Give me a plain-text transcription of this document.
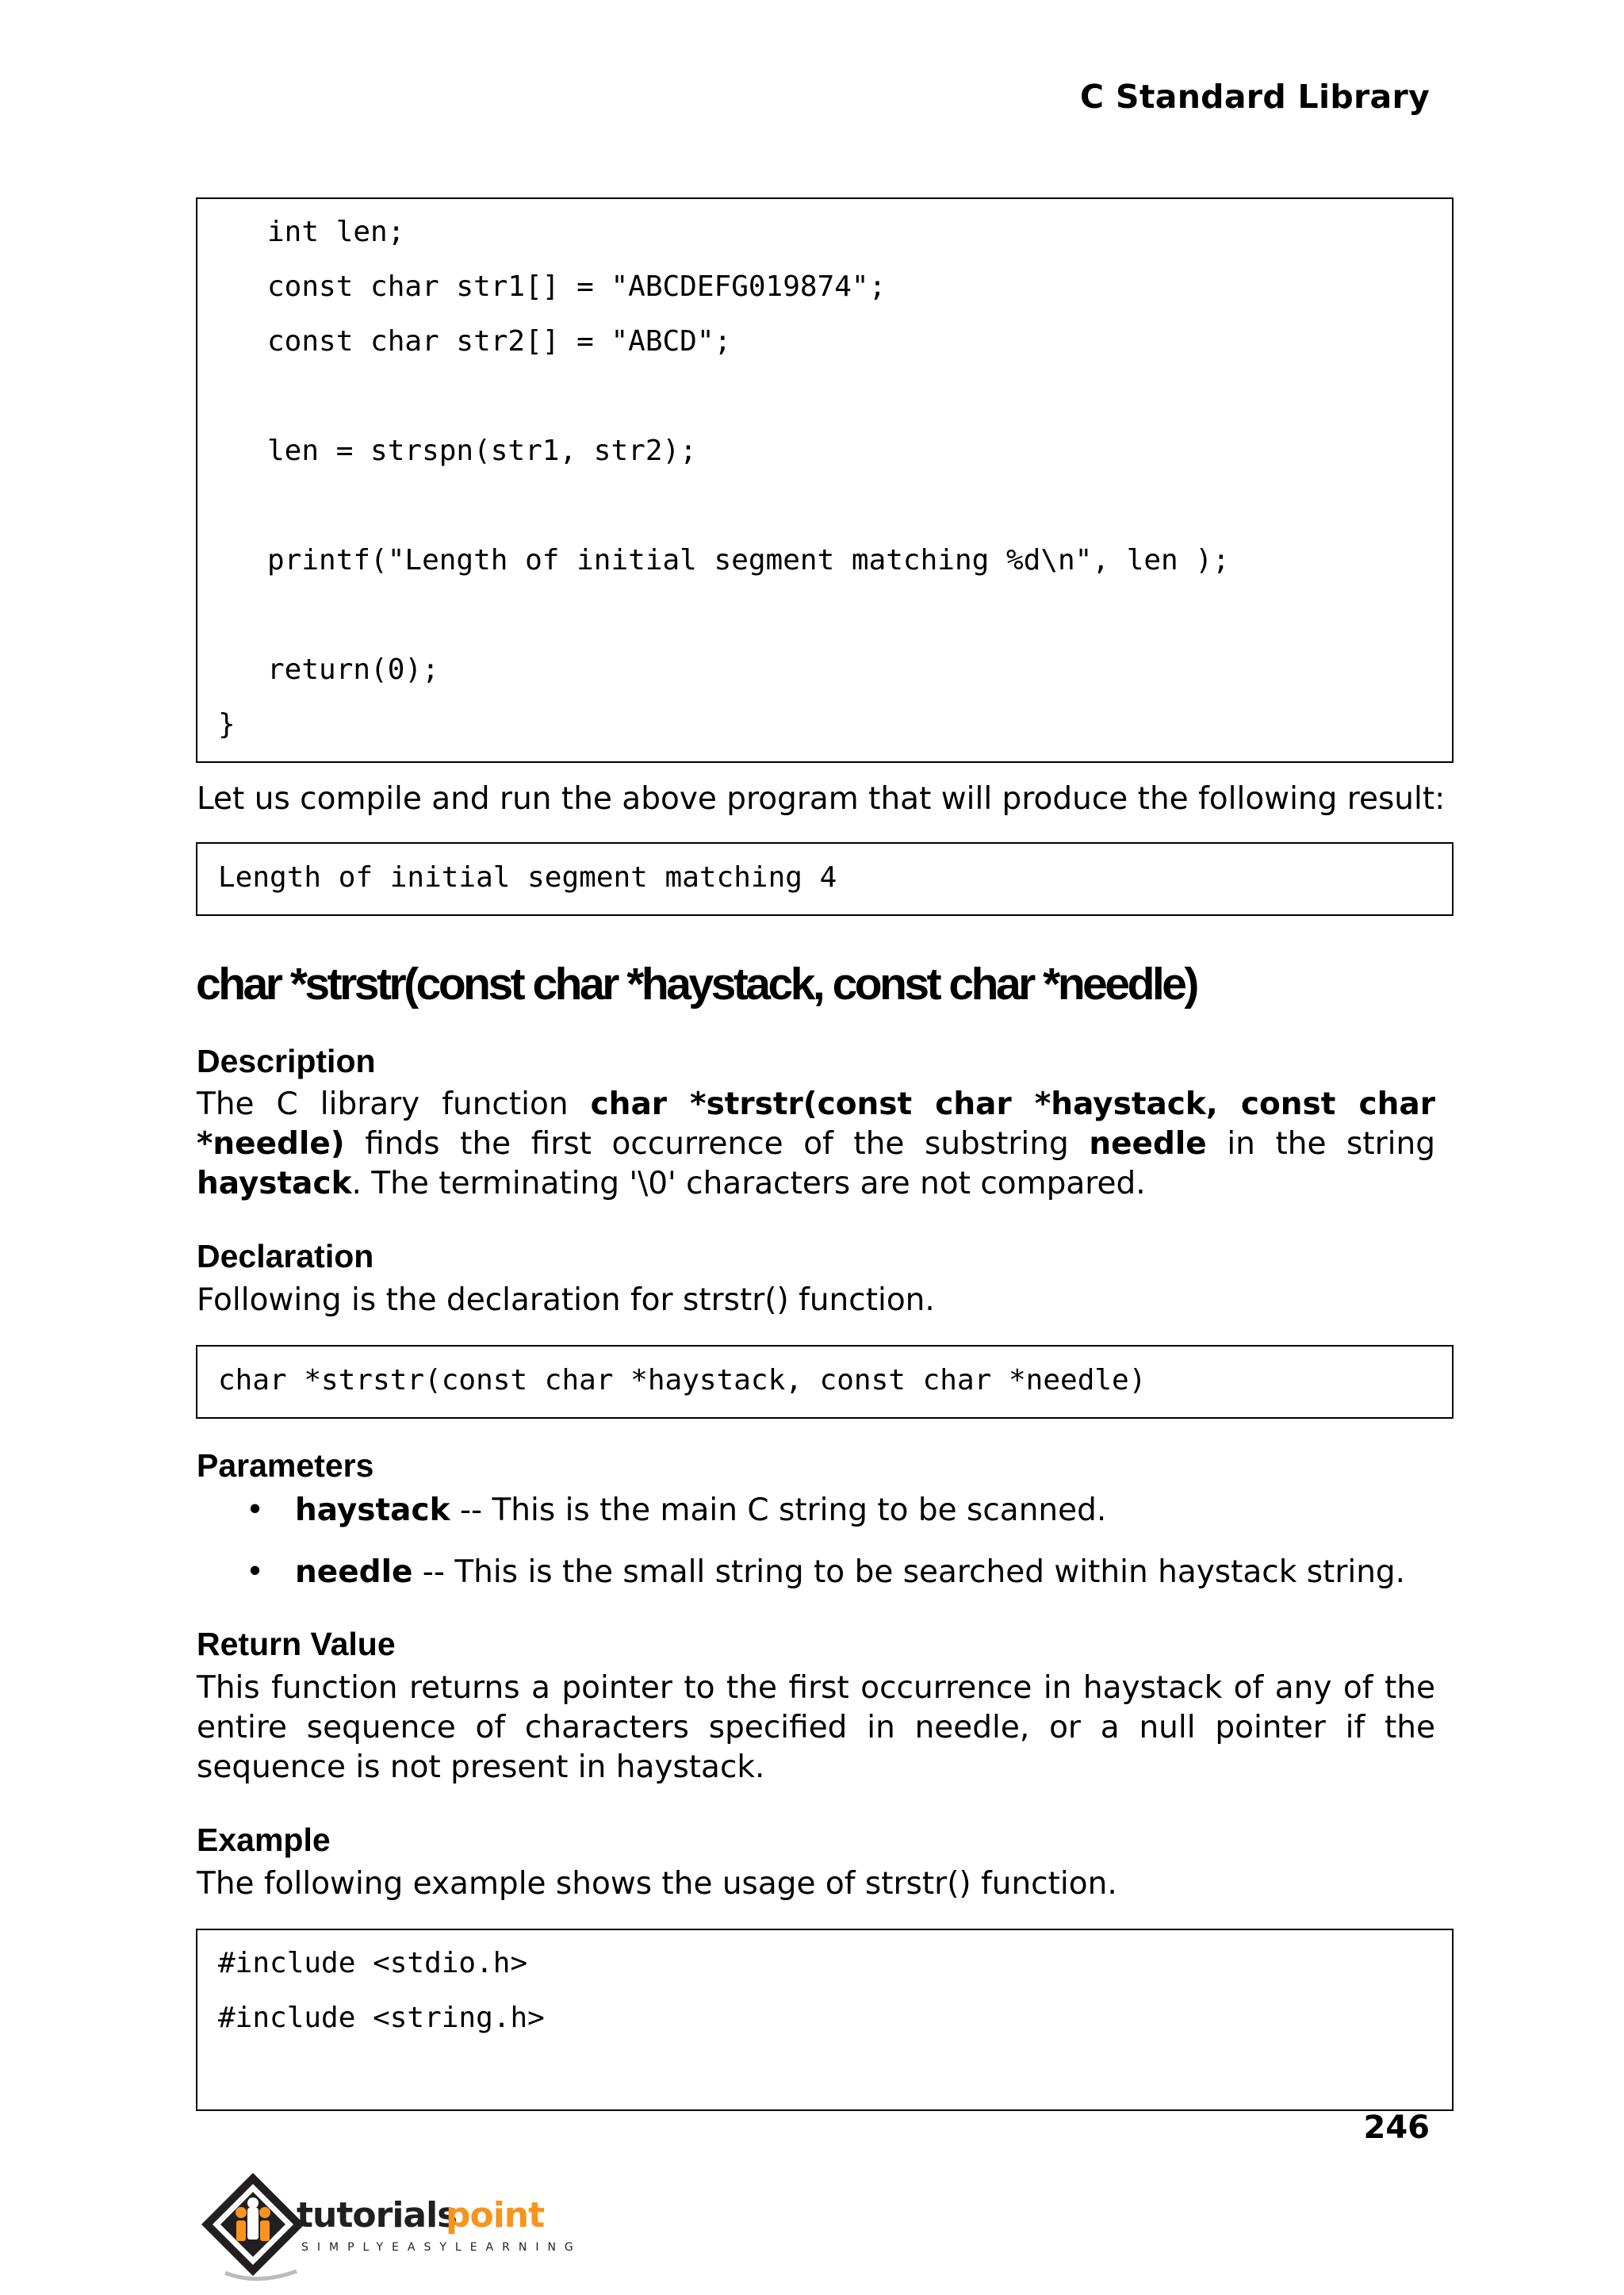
C Standard Library
int len;
const char str1[] = "ABCDEFG019874";
const char str2[] = "ABCD";
len = strspn(str1, str2);
printf("Length of initial segment matching %d\n", len );
return(0);
}
Let us compile and run the above program that will produce the following result:
Length of initial segment matching 4
char *strstr(const char *haystack, const char *needle)
Description
The C library function char *strstr(const char *haystack, const char *needle) finds the first occurrence of the substring needle in the string haystack. The terminating '\0' characters are not compared.
Declaration
Following is the declaration for strstr() function.
char *strstr(const char *haystack, const char *needle)
Parameters
• haystack -- This is the main C string to be scanned.
• needle -- This is the small string to be searched within haystack string.
Return Value
This function returns a pointer to the first occurrence in haystack of any of the entire sequence of characters specified in needle, or a null pointer if the sequence is not present in haystack.
Example
The following example shows the usage of strstr() function.
#include <stdio.h>
#include <string.h>
246
tutorials
point
SIMPLYEASYLEARNING
